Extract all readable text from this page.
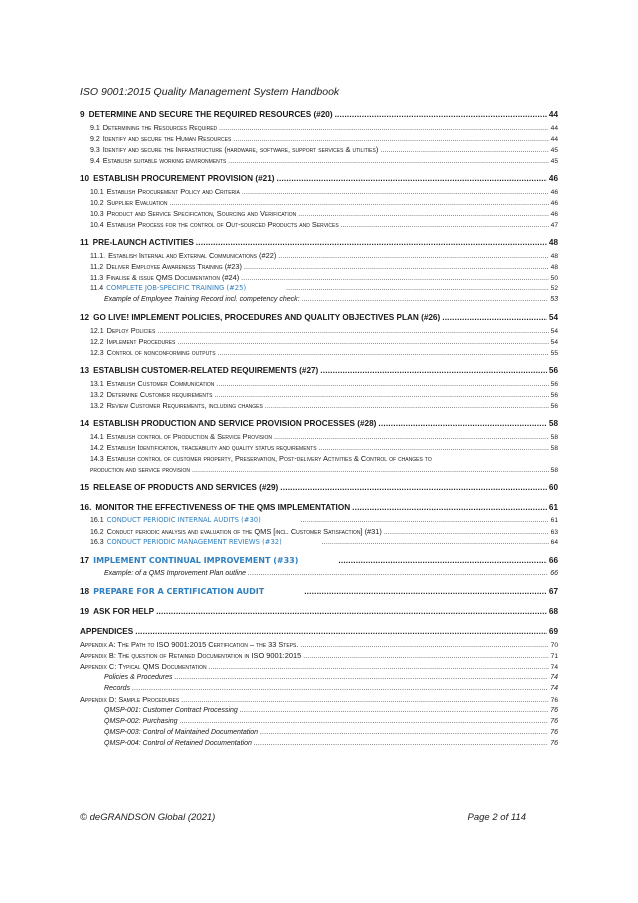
ISO 9001:2015 Quality Management System Handbook
9 DETERMINE AND SECURE THE REQUIRED RESOURCES (#20) .....	44
9.1 Determining the Resources Required .....	44
9.2 Identify and secure the Human Resources .....	44
9.3 Identify and secure the Infrastructure (hardware, software, support services & utilities) .....	45
9.4 Establish suitable working environments .....	45
10 ESTABLISH PROCUREMENT PROVISION (#21) .....	46
10.1 Establish Procurement Policy and Criteria .....	46
10.2 Supplier Evaluation .....	46
10.3 Product and Service Specification, Sourcing and Verification .....	46
10.4 Establish Process for the control of Out-sourced Products and Services .....	47
11 PRE-LAUNCH ACTIVITIES .....	48
11.1. Establish Internal and External Communications (#22) .....	48
11.2 Deliver Employee Awareness Training (#23) .....	48
11.3 Finalise & issue QMS Documentation (#24) .....	50
11.4 COMPLETE JOB-SPECIFIC TRAINING (#25) .....	52
Example of Employee Training Record incl. competency check: .....	53
12 GO LIVE! IMPLEMENT POLICIES, PROCEDURES AND QUALITY OBJECTIVES PLAN (#26) .....	54
12.1 Deploy Policies .....	54
12.2 Implement Procedures .....	54
12.3 Control of nonconforming outputs .....	55
13 ESTABLISH CUSTOMER-RELATED REQUIREMENTS (#27) .....	56
13.1 Establish Customer Communication .....	56
13.2 Determine Customer requirements .....	56
13.2 Review Customer Requirements, including changes .....	56
14 ESTABLISH PRODUCTION AND SERVICE PROVISION PROCESSES (#28) .....	58
14.1 Establish control of Production & Service Provision .....	58
14.2 Establish Identification, traceability and quality status requirements .....	58
14.3 Establish control of customer property, Preservation, Post-delivery Activities & Control of changes to
production and service provision .....	58
15 RELEASE OF PRODUCTS AND SERVICES (#29) .....	60
16. MONITOR THE EFFECTIVENESS OF THE QMS IMPLEMENTATION .....	61
16.1 CONDUCT PERIODIC INTERNAL AUDITS (#30) .....	61
16.2 Conduct periodic analysis and evaluation of the QMS [incl. Customer Satisfaction] (#31) .....	63
16.3 CONDUCT PERIODIC MANAGEMENT REVIEWS (#32) .....	64
17 IMPLEMENT CONTINUAL IMPROVEMENT (#33) .....	66
Example: of a QMS Improvement Plan outline .....	66
18 PREPARE FOR A CERTIFICATION AUDIT .....	67
19 ASK FOR HELP .....	68
APPENDICES .....	69
Appendix A: The Path to ISO 9001:2015 Certification – the 33 Steps. .....	70
Appendix B: The question of Retained Documentation in ISO 9001:2015 .....	71
Appendix C: Typical QMS Documentation .....	74
Policies & Procedures .....	74
Records .....	74
Appendix D: Sample Procedures .....	76
QMSP-001: Customer Contract Processing .....	76
QMSP-002: Purchasing .....	76
QMSP-003: Control of Maintained Documentation .....	76
QMSP-004: Control of Retained Documentation .....	76
© deGRANDSON Global (2021)	Page 2 of 114
